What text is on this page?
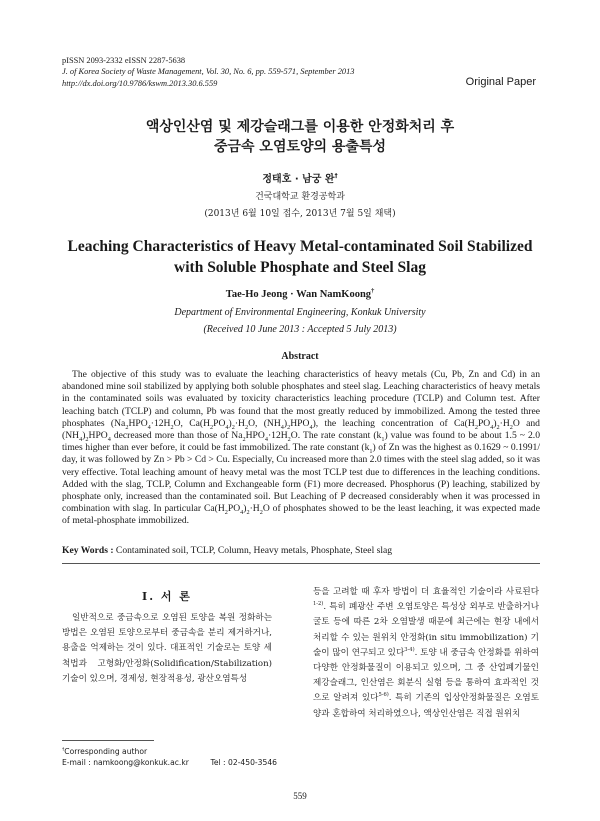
pISSN 2093-2332 eISSN 2287-5638
J. of Korea Society of Waste Management, Vol. 30, No. 6, pp. 559-571, September 2013
http://dx.doi.org/10.9786/kswm.2013.30.6.559	Original Paper
액상인산염 및 제강슬래그를 이용한 안정화처리 후
중금속 오염토양의 용출특성
정태호 · 남궁 완†
건국대학교 환경공학과
(2013년 6월 10일 접수, 2013년 7월 5일 채택)
Leaching Characteristics of Heavy Metal-contaminated Soil Stabilized
with Soluble Phosphate and Steel Slag
Tae-Ho Jeong · Wan NamKoong†
Department of Environmental Engineering, Konkuk University
(Received 10 June 2013 : Accepted 5 July 2013)
Abstract

The objective of this study was to evaluate the leaching characteristics of heavy metals (Cu, Pb, Zn and Cd) in an abandoned mine soil stabilized by applying both soluble phosphates and steel slag. Leaching characteristics of heavy metals in the contaminated soils was evaluated by toxicity characteristics leaching procedure (TCLP) and Column test. After leaching batch (TCLP) and column, Pb was found that the most greatly reduced by immobilized. Among the tested three phosphates ($Na_2HPO_4\cdot 12H_2O$, $Ca(H_2PO_4)_2\cdot H_2O$, $(NH_4)_2HPO_4$), the leaching concentration of $Ca(H_2PO_4)_2\cdot H_2O$ and $(NH_4)_2HPO_4$ decreased more than those of $Na_2HPO_4\cdot 12H_2O$. The rate constant $(k_1)$ value was found to be about 1.5 ~ 2.0 times higher than ever before, it could be fast immobilized. The rate constant $(k_1)$ of Zn was the highest as 0.1629 ~ 0.1991/ day, it was followed by Zn > Pb > Cd > Cu. Especially, Cu increased more than 2.0 times with the steel slag added, so it was very effective. Total leaching amount of heavy metal was the most TCLP test due to differences in the leaching conditions. Added with the slag, TCLP, Column and Exchangeable form (F1) more decreased. Phosphorus (P) leaching, stabilized by phosphate only, increased than the contaminated soil. But Leaching of P decreased considerably when it was processed in combination with slag. In particular $Ca(H_2PO_4)_2\cdot H_2O$ of phosphates showed to be the least leaching, it was expected made of metal-phosphate immobilized.

Key Words : Contaminated soil, TCLP, Column, Heavy metals, Phosphate, Steel slag
I. 서 론

일반적으로 중금속으로 오염된 토양을 복원 정화하는 방법은 오염된 토양으로부터 중금속을 분리 제거하거나, 용출을 억제하는 것이 있다. 대표적인 기술로는 토양 세척법과 고형화/안정화(Solidification/Stabilization)기술이 있으며, 경제성, 현장적용성, 광산오염특성

등을 고려할 때 후자 방법이 더 효율적인 기술이라 사료된다$^{1-2)}$. 특히 폐광산 주변 오염토양은 특성상 외부로 반출하거나 굴토 등에 따른 2차 오염발생 때문에 최근에는 현장 내에서 처리할 수 있는 원위치 안정화(in situ immobilization) 기술이 많이 연구되고 있다$^{3-4)}$. 토양 내 중금속 안정화를 위하여 다양한 안정화물질이 이용되고 있으며, 그 중 산업폐기물인 제강슬래그, 인산염은 회분식 실험 등을 통하여 효과적인 것으로 알려져 있다$^{5-6)}$. 특히 기존의 입상안정화물질은 오염토양과 혼합하여 처리하였으나, 액상인산염은 직접 원위치

†Corresponding author
E-mail : namkoong@konkuk.ac.kr	Tel : 02-450-3546
559
